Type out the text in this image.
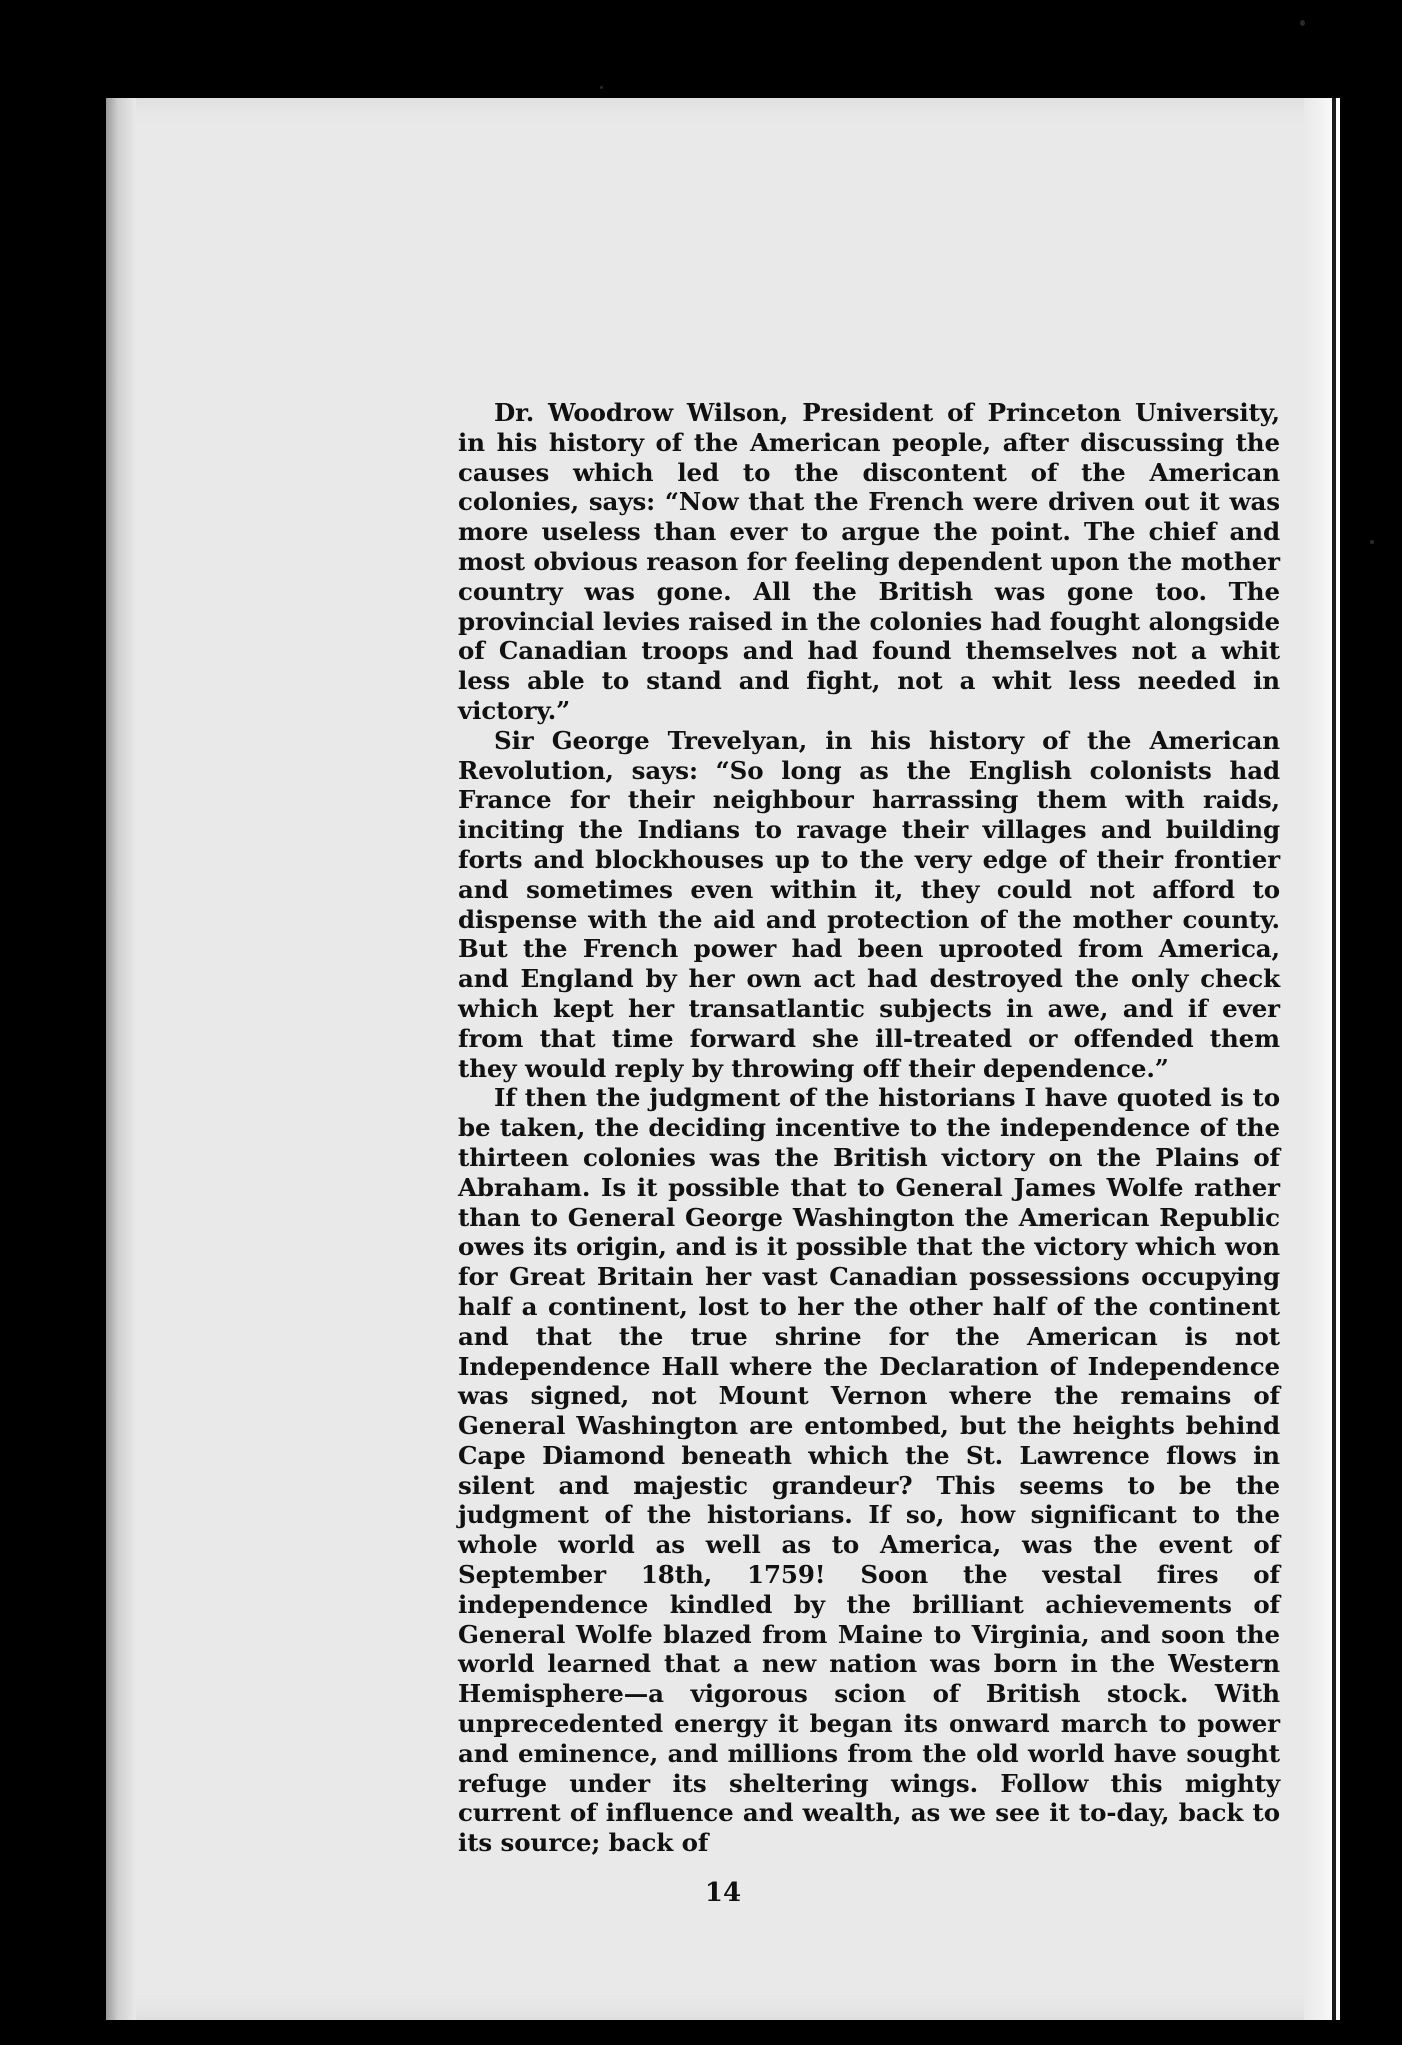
Dr. Woodrow Wilson, President of Princeton University, in his history of the American people, after discussing the causes which led to the discontent of the American colonies, says: “Now that the French were driven out it was more useless than ever to argue the point. The chief and most obvious reason for feeling dependent upon the mother country was gone. All the British was gone too. The provincial levies raised in the colonies had fought alongside of Canadian troops and had found themselves not a whit less able to stand and fight, not a whit less needed in victory.”

Sir George Trevelyan, in his history of the American Revolution, says: “So long as the English colonists had France for their neighbour harrassing them with raids, inciting the Indians to ravage their villages and building forts and blockhouses up to the very edge of their frontier and sometimes even within it, they could not afford to dispense with the aid and protection of the mother county. But the French power had been uprooted from America, and England by her own act had destroyed the only check which kept her transatlantic subjects in awe, and if ever from that time forward she ill-treated or offended them they would reply by throwing off their dependence.”

If then the judgment of the historians I have quoted is to be taken, the deciding incentive to the independence of the thirteen colonies was the British victory on the Plains of Abraham. Is it possible that to General James Wolfe rather than to General George Washington the American Republic owes its origin, and is it possible that the victory which won for Great Britain her vast Canadian possessions occupying half a continent, lost to her the other half of the continent and that the true shrine for the American is not Independence Hall where the Declaration of Independence was signed, not Mount Vernon where the remains of General Washington are entombed, but the heights behind Cape Diamond beneath which the St. Lawrence flows in silent and majestic grandeur? This seems to be the judgment of the historians. If so, how significant to the whole world as well as to America, was the event of September 18th, 1759! Soon the vestal fires of independence kindled by the brilliant achievements of General Wolfe blazed from Maine to Virginia, and soon the world learned that a new nation was born in the Western Hemisphere—a vigorous scion of British stock. With unprecedented energy it began its onward march to power and eminence, and millions from the old world have sought refuge under its sheltering wings. Follow this mighty current of influence and wealth, as we see it to-day, back to its source; back of

14
